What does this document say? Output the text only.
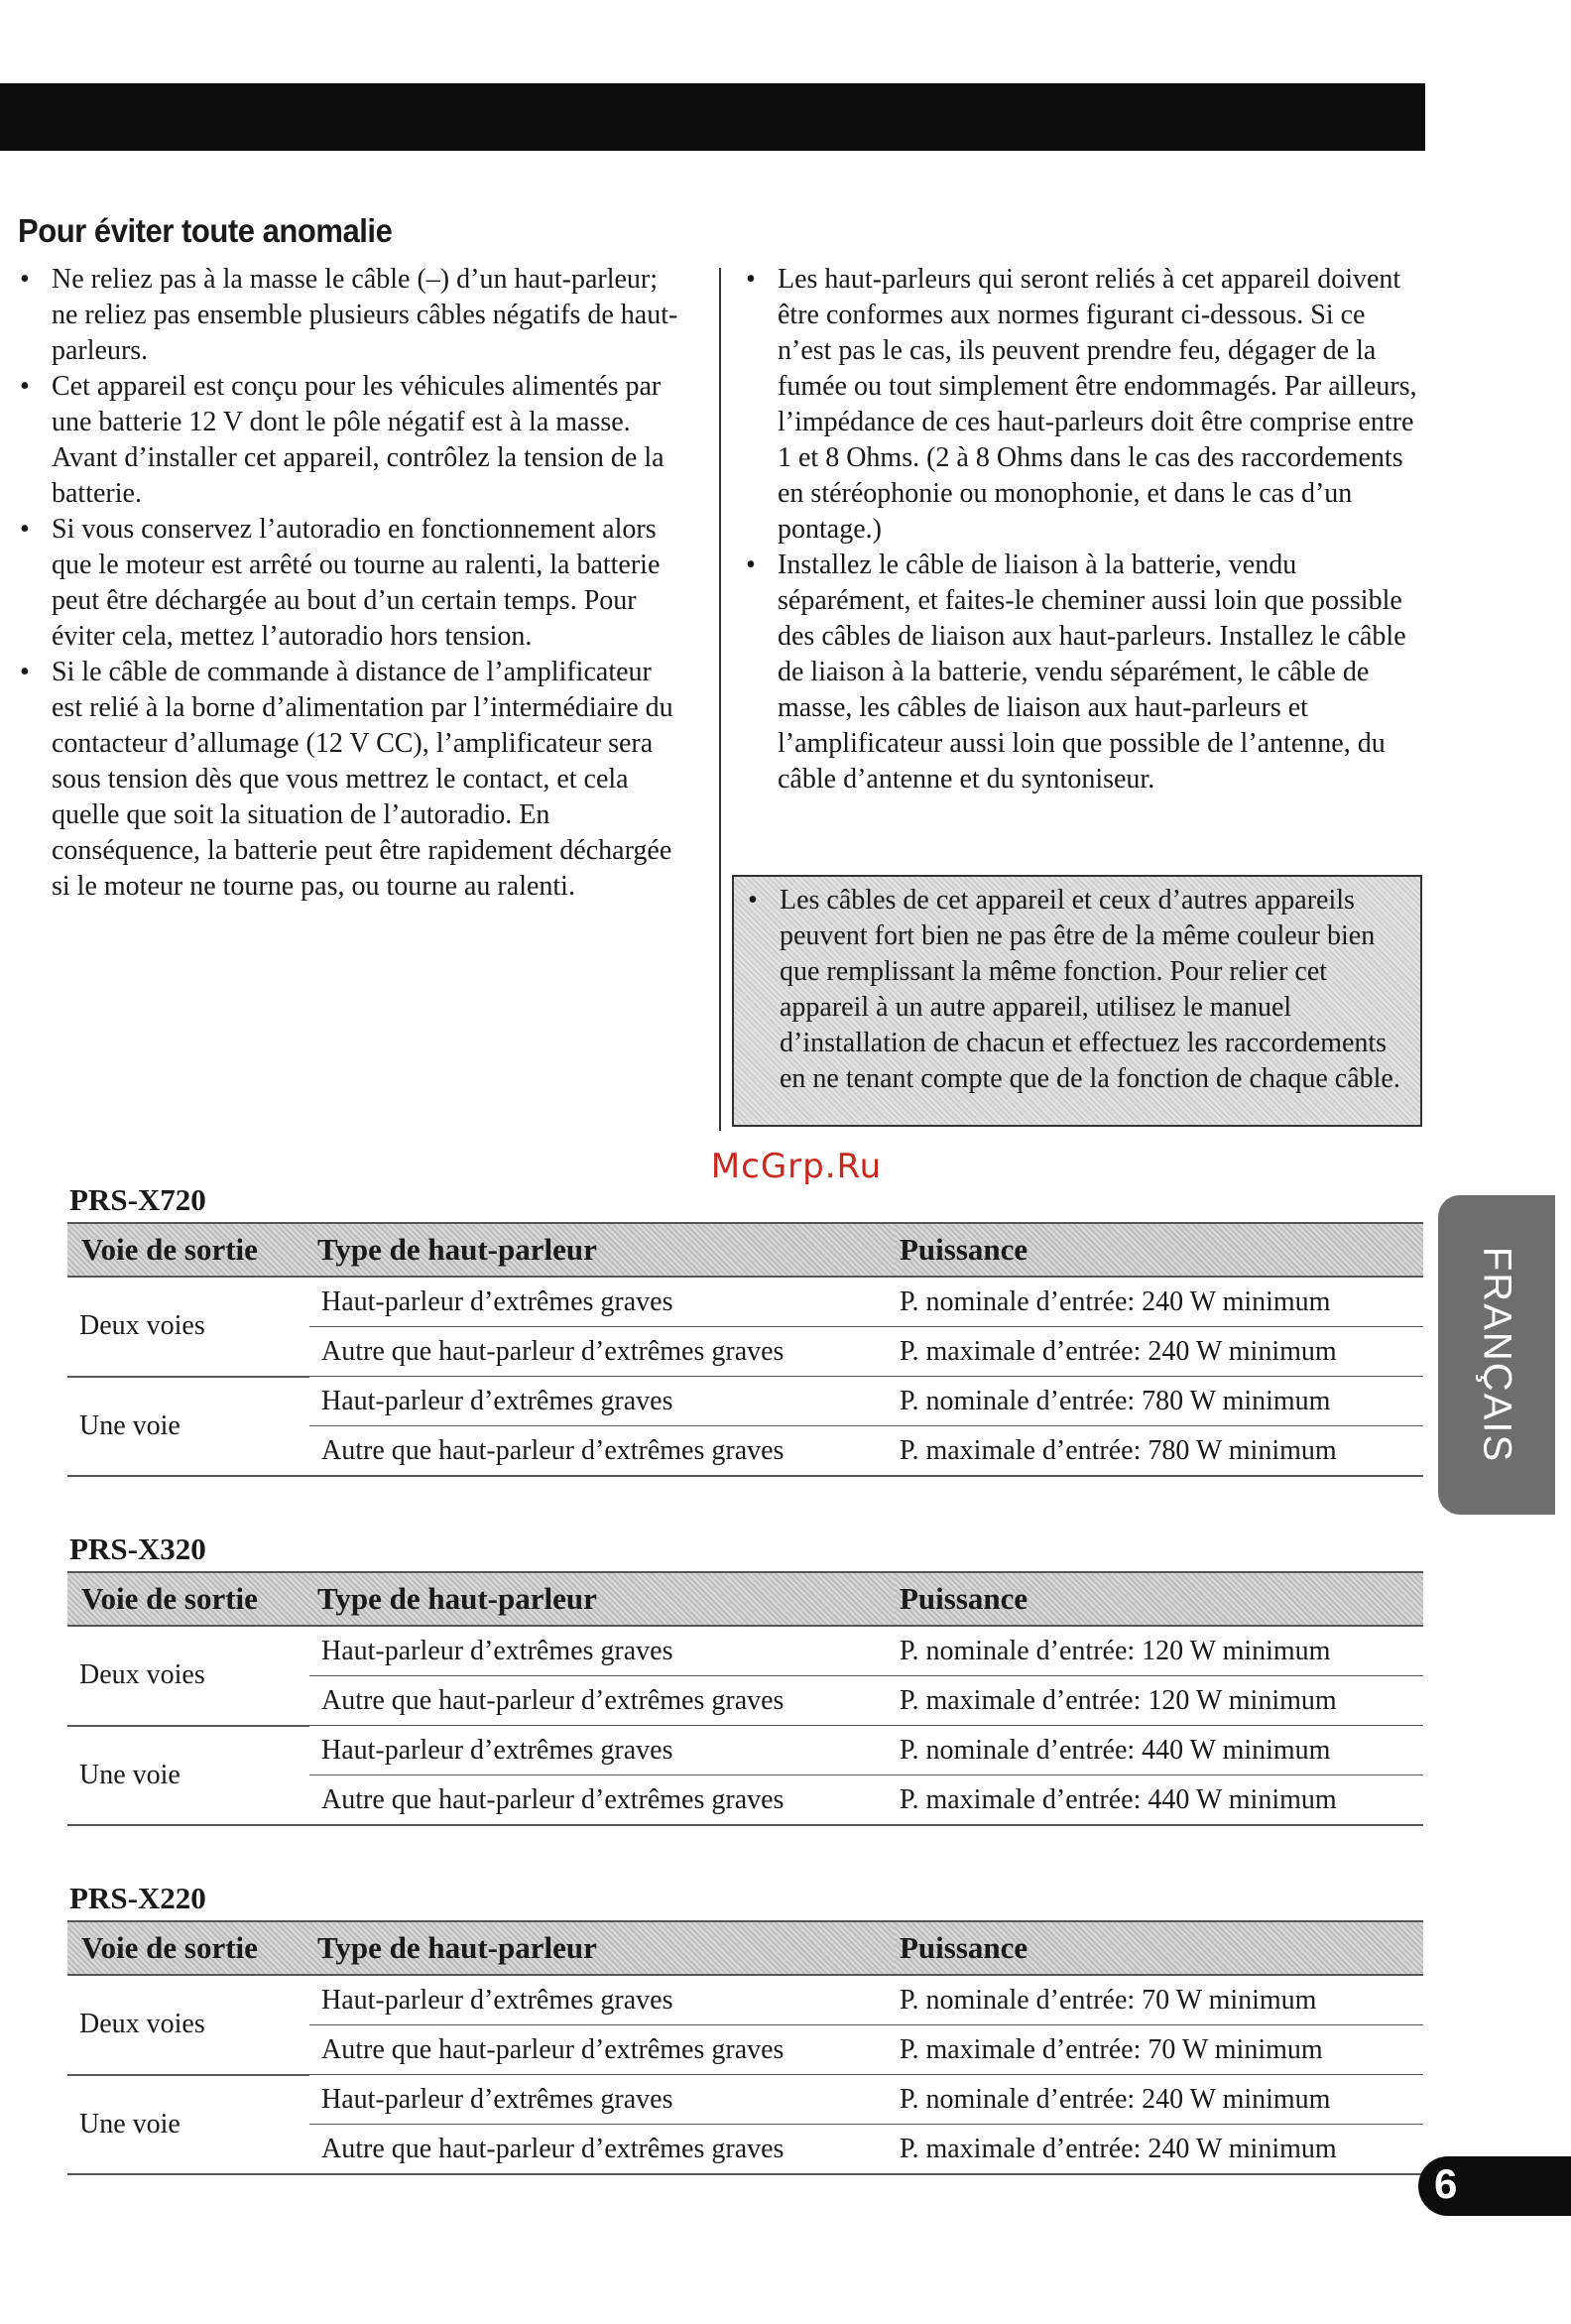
Pour éviter toute anomalie
• Ne reliez pas à la masse le câble (–) d’un haut-parleur; ne reliez pas ensemble plusieurs câbles négatifs de haut-parleurs.
• Cet appareil est conçu pour les véhicules alimentés par une batterie 12 V dont le pôle négatif est à la masse. Avant d’installer cet appareil, contrôlez la tension de la batterie.
• Si vous conservez l’autoradio en fonctionnement alors que le moteur est arrêté ou tourne au ralenti, la batterie peut être déchargée au bout d’un certain temps. Pour éviter cela, mettez l’autoradio hors tension.
• Si le câble de commande à distance de l’amplificateur est relié à la borne d’alimentation par l’intermédiaire du contacteur d’allumage (12 V CC), l’amplificateur sera sous tension dès que vous mettrez le contact, et cela quelle que soit la situation de l’autoradio. En conséquence, la batterie peut être rapidement déchargée si le moteur ne tourne pas, ou tourne au ralenti.
• Les haut-parleurs qui seront reliés à cet appareil doivent être conformes aux normes figurant ci-dessous. Si ce n’est pas le cas, ils peuvent prendre feu, dégager de la fumée ou tout simplement être endommagés. Par ailleurs, l’impédance de ces haut-parleurs doit être comprise entre 1 et 8 Ohms. (2 à 8 Ohms dans le cas des raccordements en stéréophonie ou monophonie, et dans le cas d’un pontage.)
• Installez le câble de liaison à la batterie, vendu séparément, et faites-le cheminer aussi loin que possible des câbles de liaison aux haut-parleurs. Installez le câble de liaison à la batterie, vendu séparément, le câble de masse, les câbles de liaison aux haut-parleurs et l’amplificateur aussi loin que possible de l’antenne, du câble d’antenne et du syntoniseur.
• Les câbles de cet appareil et ceux d’autres appareils peuvent fort bien ne pas être de la même couleur bien que remplissant la même fonction. Pour relier cet appareil à un autre appareil, utilisez le manuel d’installation de chacun et effectuez les raccordements en ne tenant compte que de la fonction de chaque câble.
McGrp.Ru
FRANÇAIS
PRS-X720
Voie de sortie	Type de haut-parleur	Puissance
Deux voies	Haut-parleur d’extrêmes graves	P. nominale d’entrée: 240 W minimum
	Autre que haut-parleur d’extrêmes graves	P. maximale d’entrée: 240 W minimum
Une voie	Haut-parleur d’extrêmes graves	P. nominale d’entrée: 780 W minimum
	Autre que haut-parleur d’extrêmes graves	P. maximale d’entrée: 780 W minimum
PRS-X320
Voie de sortie	Type de haut-parleur	Puissance
Deux voies	Haut-parleur d’extrêmes graves	P. nominale d’entrée: 120 W minimum
	Autre que haut-parleur d’extrêmes graves	P. maximale d’entrée: 120 W minimum
Une voie	Haut-parleur d’extrêmes graves	P. nominale d’entrée: 440 W minimum
	Autre que haut-parleur d’extrêmes graves	P. maximale d’entrée: 440 W minimum
PRS-X220
Voie de sortie	Type de haut-parleur	Puissance
Deux voies	Haut-parleur d’extrêmes graves	P. nominale d’entrée: 70 W minimum
	Autre que haut-parleur d’extrêmes graves	P. maximale d’entrée: 70 W minimum
Une voie	Haut-parleur d’extrêmes graves	P. nominale d’entrée: 240 W minimum
	Autre que haut-parleur d’extrêmes graves	P. maximale d’entrée: 240 W minimum
6
